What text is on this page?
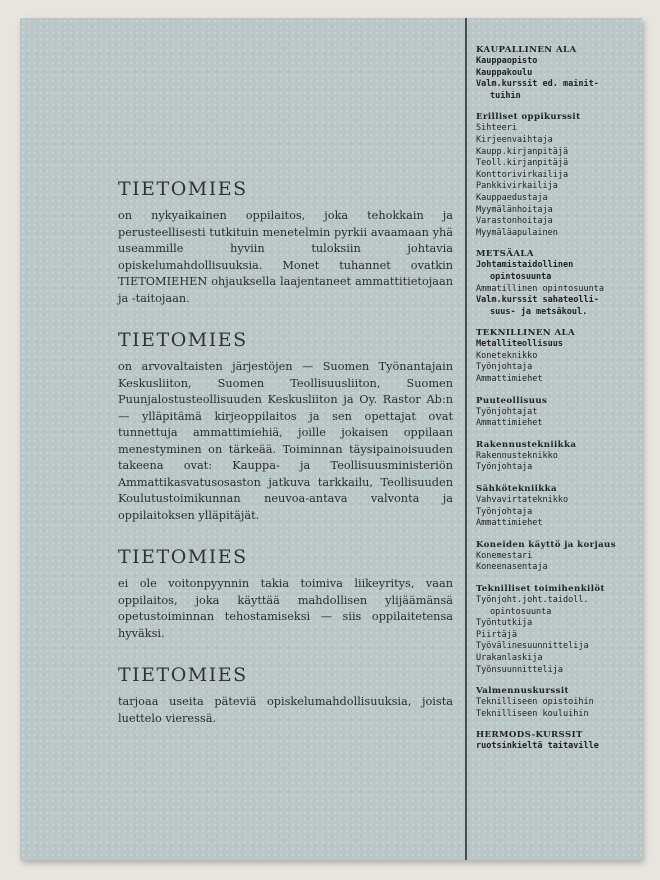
TIETOMIES

on nykyaikainen oppilaitos, joka tehokkain ja perusteellisesti tutkituin menetelmin pyrkii avaamaan yhä useammille hyviin tuloksiin johtavia opiskelumahdollisuuksia. Monet tuhannet ovatkin TIETOMIEHEN ohjauksella laajentaneet ammattitietojaan ja -taitojaan.

TIETOMIES

on arvovaltaisten järjestöjen — Suomen Työnantajain Keskusliiton, Suomen Teollisuusliiton, Suomen Puunjalostusteollisuuden Keskusliiton ja Oy. Rastor Ab:n — ylläpitämä kirjeoppilaitos ja sen opettajat ovat tunnettuja ammattimiehiä, joille jokaisen oppilaan menestyminen on tärkeää. Toiminnan täysipainoisuuden takeena ovat: Kauppa- ja Teollisuusministeriön Ammattikasvatusosaston jatkuva tarkkailu, Teollisuuden Koulutustoimikunnan neuvoa-antava valvonta ja oppilaitoksen ylläpitäjät.

TIETOMIES

ei ole voitonpyynnin takia toimiva liikeyritys, vaan oppilaitos, joka käyttää mahdollisen ylijäämänsä opetustoiminnan tehostamiseksi — siis oppilaitetensa hyväksi.

TIETOMIES

tarjoaa useita päteviä opiskelumahdollisuuksia, joista luettelo vieressä.

KAUPALLINEN ALA
Kauppaopisto
Kauppakoulu
Valm.kurssit ed. mainit-
tuihin
Erilliset oppikurssit
Sihteeri
Kirjeenvaihtaja
Kaupp.kirjanpitäjä
Teoll.kirjanpitäjä
Konttorivirkailija
Pankkivirkailija
Kauppaedustaja
Myymälänhoitaja
Varastonhoitaja
Myymäläapulainen
METSÄALA
Johtamistaidollinen
opintosuunta
Ammatillinen opintosuunta
Valm.kurssit sahateolli-
suus- ja metsäkoul.
TEKNILLINEN ALA
Metalliteollisuus
Koneteknikko
Työnjohtaja
Ammattimiehet
Puuteollisuus
Työnjohtajat
Ammattimiehet
Rakennustekniikka
Rakennusteknikko
Työnjohtaja
Sähkötekniikka
Vahvavirtateknikko
Työnjohtaja
Ammattimiehet
Koneiden käyttö ja korjaus
Konemestari
Koneenasentaja
Teknilliset toimihenkilöt
Työnjoht.joht.taidoll.
opintosuunta
Työntutkija
Piirtäjä
Työvälinesuunnittelija
Urakanlaskija
Työnsuunnittelija
Valmennuskurssit
Teknilliseen opistoihin
Teknilliseen kouluihin
HERMODS-KURSSIT
ruotsinkieltä taitaville
